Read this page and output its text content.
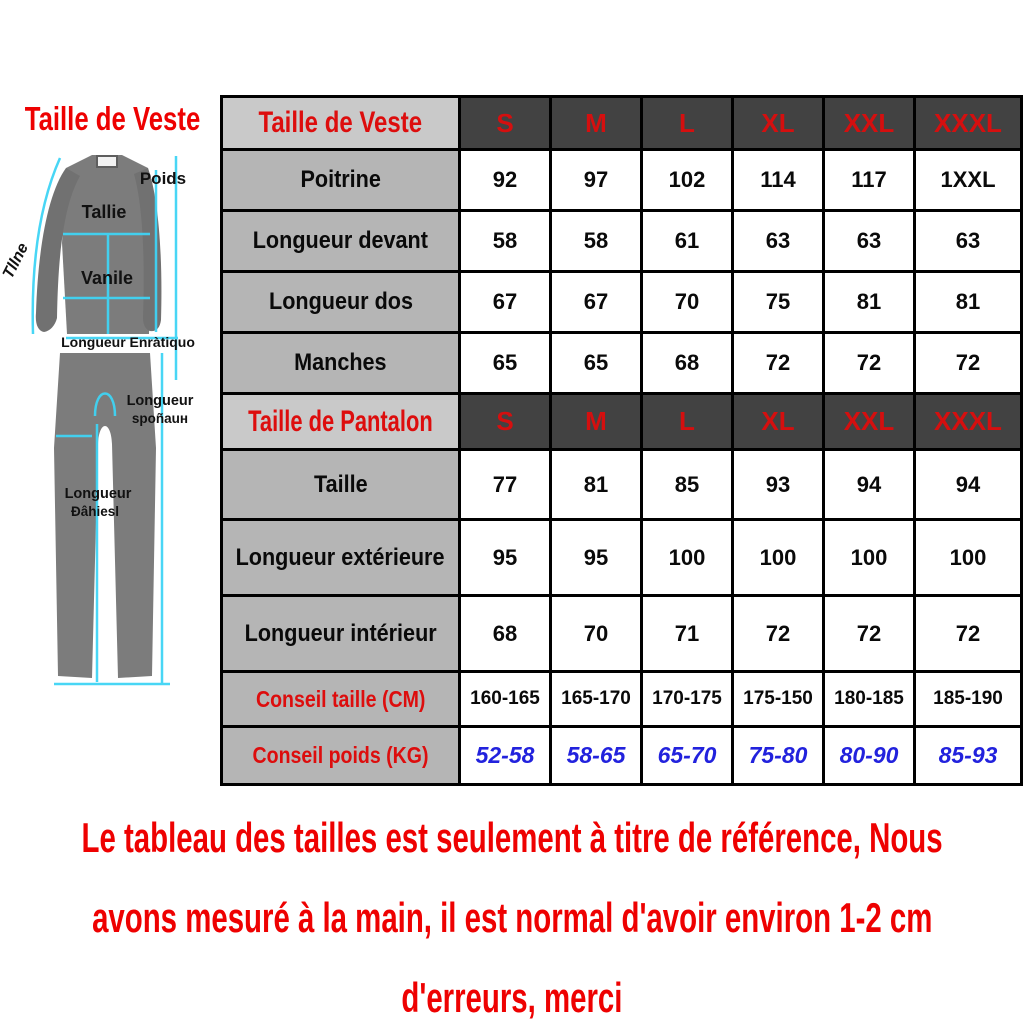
Taille de Veste
Poids
Tallie
Vanile
Tllne
Longueur Enràtiquo
Longueur
ѕpoñauʜ
Longueur
Đâhiesl
Taille de Veste	S	M	L	XL	XXL	XXXL
Poitrine	92	97	102	114	117	1XXL
Longueur devant	58	58	61	63	63	63
Longueur dos	67	67	70	75	81	81
Manches	65	65	68	72	72	72
Taille de Pantalon	S	M	L	XL	XXL	XXXL
Taille	77	81	85	93	94	94
Longueur extérieure	95	95	100	100	100	100
Longueur intérieur	68	70	71	72	72	72
Conseil taille (CM)	160-165	165-170	170-175	175-150	180-185	185-190
Conseil poids (KG)	52-58	58-65	65-70	75-80	80-90	85-93
Le tableau des tailles est seulement à titre de référence, Nous
avons mesuré à la main, il est normal d'avoir environ 1-2 cm
d'erreurs, merci
